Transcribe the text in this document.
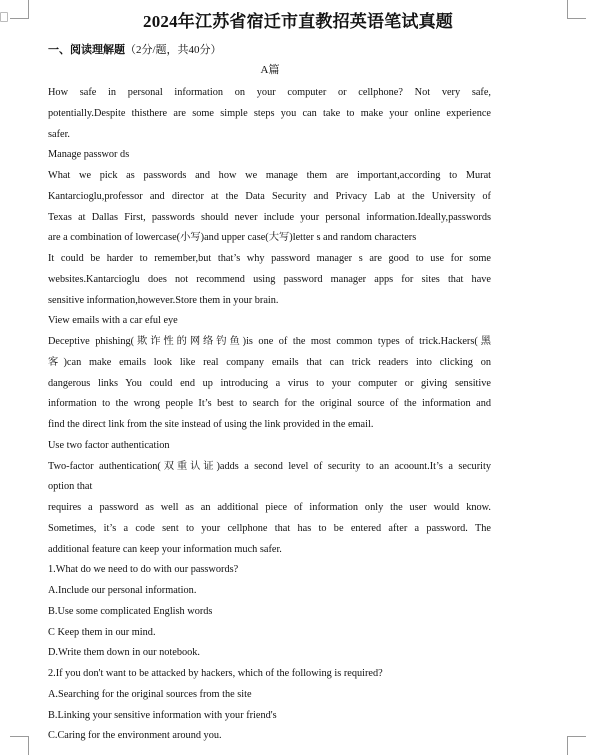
2024年江苏省宿迁市直教招英语笔试真题
一、阅读理解题（2分/题，共40分）
A篇

How safe in personal information on your computer or cellphone? Not very safe,

potentially.Despite thisthere are some simple steps you can take to make your online experience

safer.

Manage passwor ds

What we pick as passwords and how we manage them are important,according to Murat

Kantarcioglu,professor and director at the Data Security and Privacy Lab at the University of

Texas at Dallas First, passwords should never include your personal information.Ideally,passwords

are a combination of lowercase(小写)and upper case(大写)letter s and random characters

It could be harder to remember,but that’s why password manager s are good to use for some

websites.Kantarcioglu does not recommend using password manager apps for sites that have

sensitive information,however.Store them in your brain.

View emails with a car eful eye

Deceptive phishing(欺诈性的网络钓鱼)is one of the most common types of trick.Hackers(黑

客)can make emails look like real company emails that can trick readers into clicking on

dangerous links You could end up introducing a virus to your computer or giving sensitive

information to the wrong people It’s best to search for the original source of the information and

find the direct link from the site instead of using the link provided in the email.

Use two factor authentication

Two-factor authentication(双重认证)adds a second level of security to an acoount.It’s a security

option that

requires a password as well as an additional piece of information only the user would know.

Sometimes, it’s a code sent to your cellphone that has to be entered after a password. The

additional feature can keep your information much safer.

1.What do we need to do with our passwords?

A.Include our personal information.

B.Use some complicated English words

C Keep them in our mind.

D.Write them down in our notebook.

2.If you don't want to be attacked by hackers, which of the following is required?

A.Searching for the original sources from the site

B.Linking your sensitive information with your friend's

C.Caring for the environment around you.
